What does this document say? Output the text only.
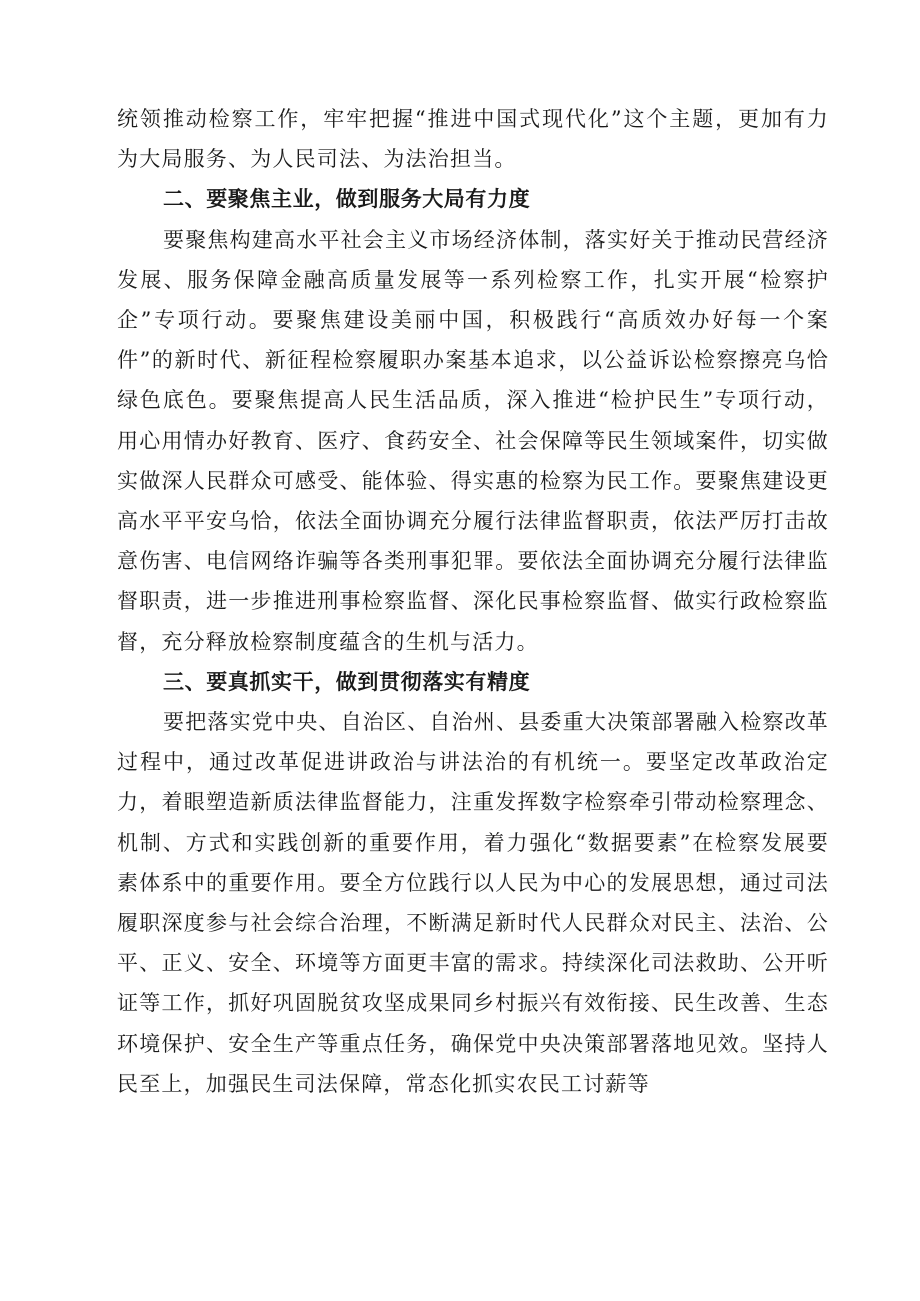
统领推动检察工作，牢牢把握“推进中国式现代化”这个主题，更加有力为大局服务、为人民司法、为法治担当。

二、要聚焦主业，做到服务大局有力度

要聚焦构建高水平社会主义市场经济体制，落实好关于推动民营经济发展、服务保障金融高质量发展等一系列检察工作，扎实开展“检察护企”专项行动。要聚焦建设美丽中国，积极践行“高质效办好每一个案件”的新时代、新征程检察履职办案基本追求，以公益诉讼检察擦亮乌恰绿色底色。要聚焦提高人民生活品质，深入推进“检护民生”专项行动，用心用情办好教育、医疗、食药安全、社会保障等民生领域案件，切实做实做深人民群众可感受、能体验、得实惠的检察为民工作。要聚焦建设更高水平平安乌恰，依法全面协调充分履行法律监督职责，依法严厉打击故意伤害、电信网络诈骗等各类刑事犯罪。要依法全面协调充分履行法律监督职责，进一步推进刑事检察监督、深化民事检察监督、做实行政检察监督，充分释放检察制度蕴含的生机与活力。

三、要真抓实干，做到贯彻落实有精度

要把落实党中央、自治区、自治州、县委重大决策部署融入检察改革过程中，通过改革促进讲政治与讲法治的有机统一。要坚定改革政治定力，着眼塑造新质法律监督能力，注重发挥数字检察牵引带动检察理念、机制、方式和实践创新的重要作用，着力强化“数据要素”在检察发展要素体系中的重要作用。要全方位践行以人民为中心的发展思想，通过司法履职深度参与社会综合治理，不断满足新时代人民群众对民主、法治、公平、正义、安全、环境等方面更丰富的需求。持续深化司法救助、公开听证等工作，抓好巩固脱贫攻坚成果同乡村振兴有效衔接、民生改善、生态环境保护、安全生产等重点任务，确保党中央决策部署落地见效。坚持人民至上，加强民生司法保障，常态化抓实农民工讨薪等
